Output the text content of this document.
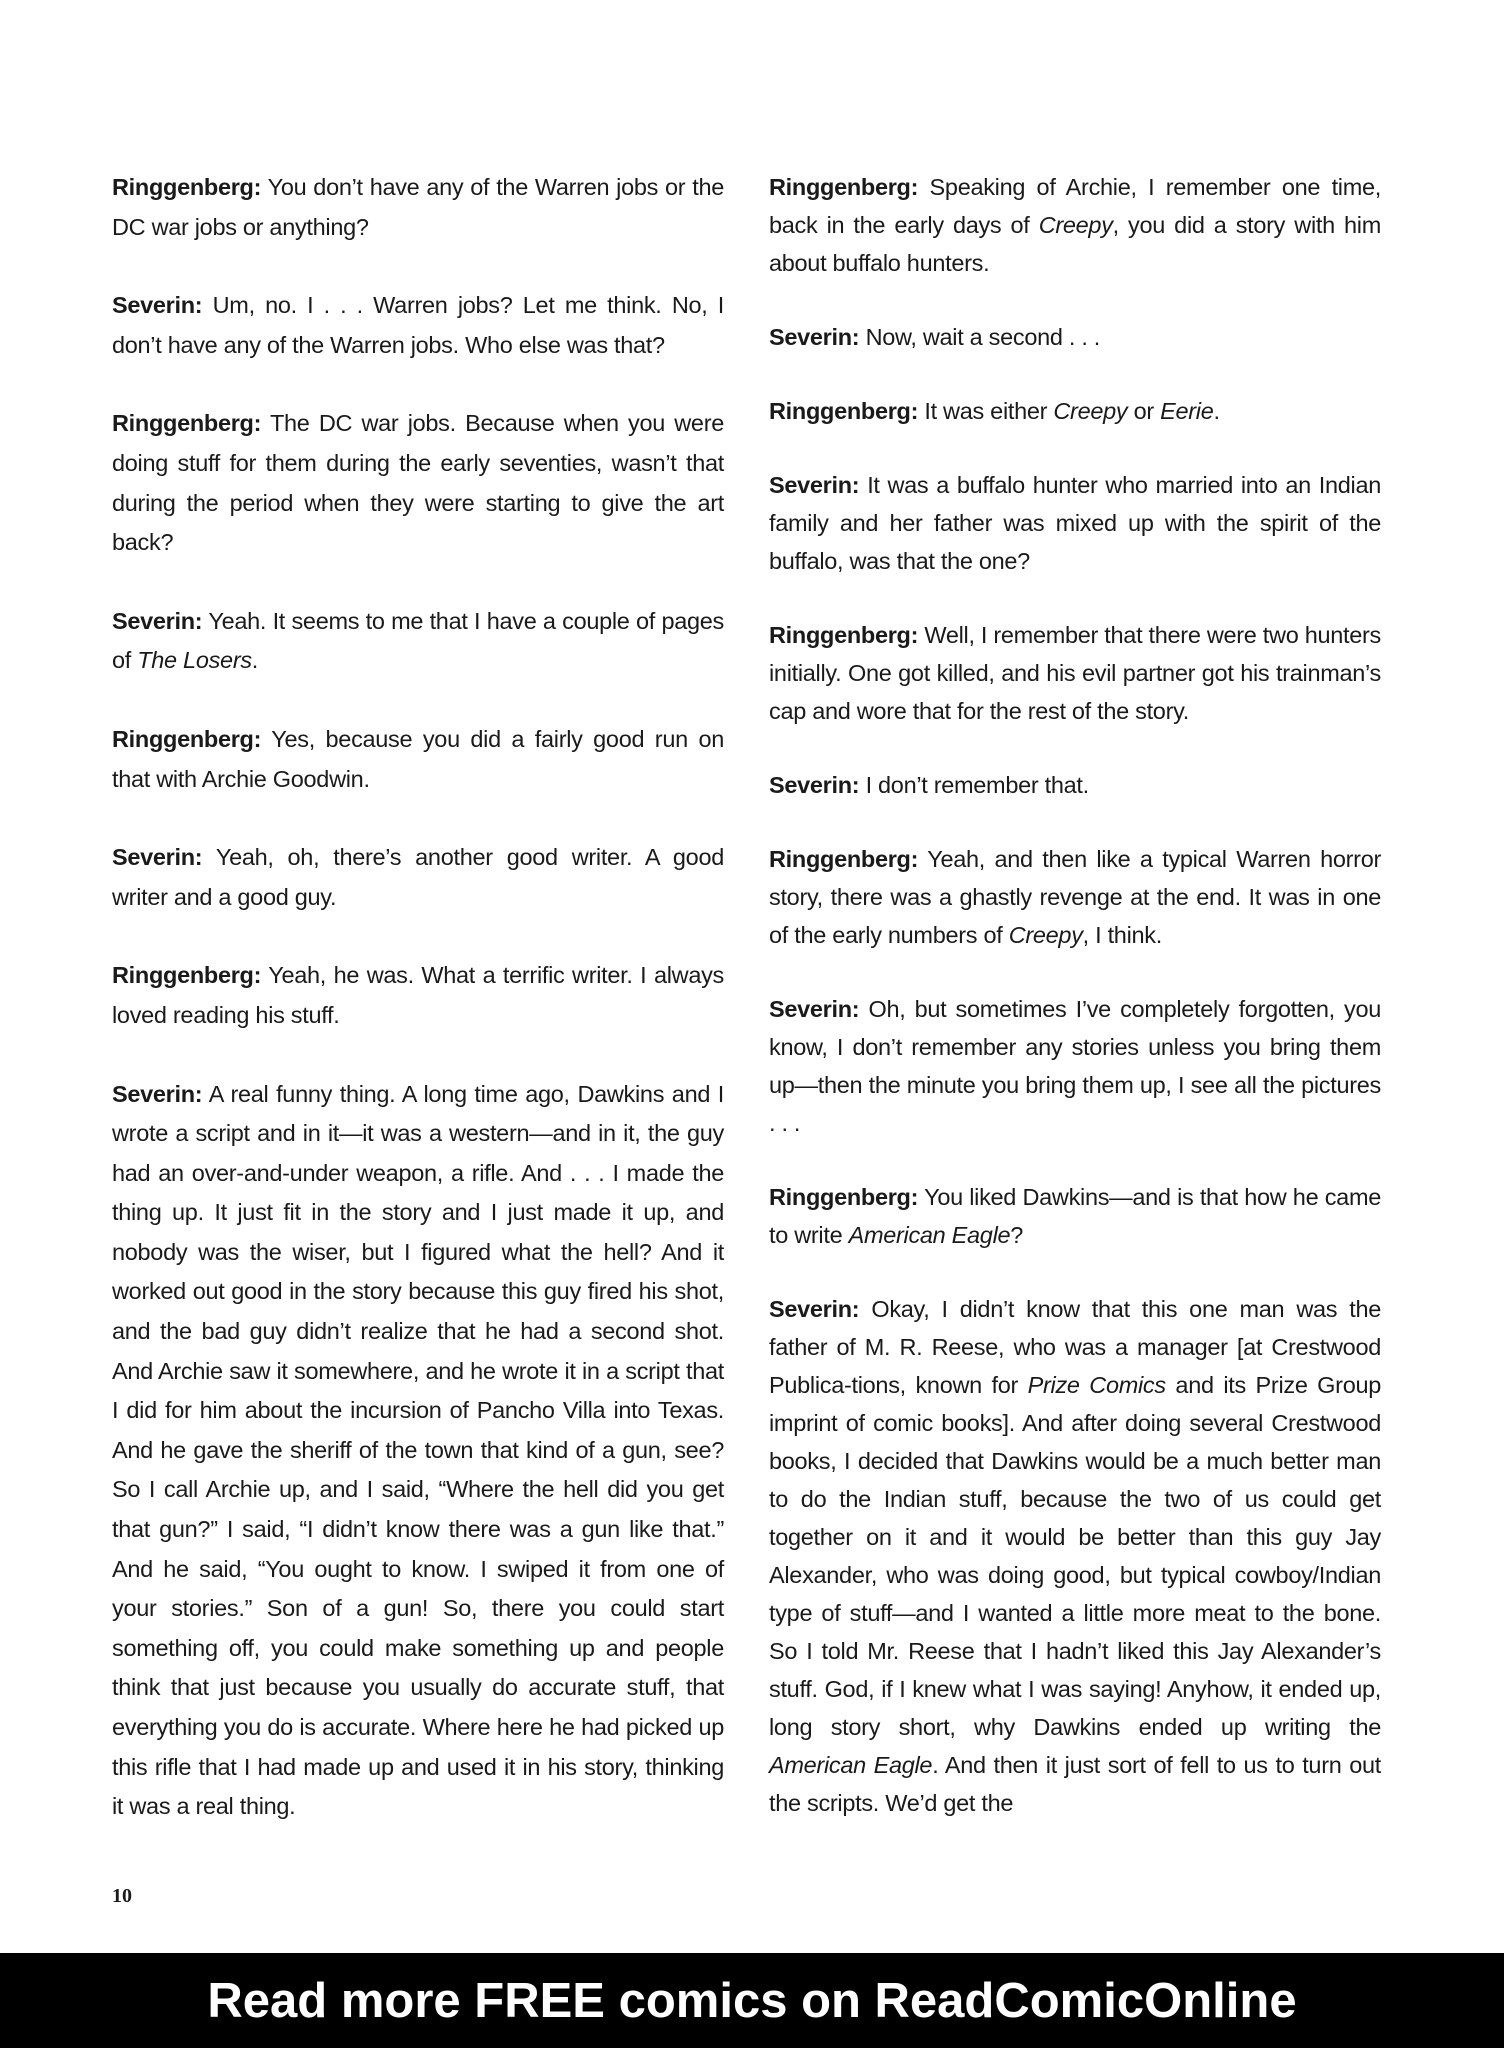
Ringgenberg: You don’t have any of the Warren jobs or the DC war jobs or anything?

Severin: Um, no. I . . . Warren jobs? Let me think. No, I don’t have any of the Warren jobs. Who else was that?

Ringgenberg: The DC war jobs. Because when you were doing stuff for them during the early seventies, wasn’t that during the period when they were starting to give the art back?

Severin: Yeah. It seems to me that I have a couple of pages of The Losers.

Ringgenberg: Yes, because you did a fairly good run on that with Archie Goodwin.

Severin: Yeah, oh, there’s another good writer. A good writer and a good guy.

Ringgenberg: Yeah, he was. What a terrific writer. I always loved reading his stuff.

Severin: A real funny thing. A long time ago, Dawkins and I wrote a script and in it—it was a western—and in it, the guy had an over-and-under weapon, a rifle. And . . . I made the thing up. It just fit in the story and I just made it up, and nobody was the wiser, but I figured what the hell? And it worked out good in the story because this guy fired his shot, and the bad guy didn’t realize that he had a second shot. And Archie saw it somewhere, and he wrote it in a script that I did for him about the incursion of Pancho Villa into Texas. And he gave the sheriff of the town that kind of a gun, see? So I call Archie up, and I said, “Where the hell did you get that gun?” I said, “I didn’t know there was a gun like that.” And he said, “You ought to know. I swiped it from one of your stories.” Son of a gun! So, there you could start something off, you could make something up and people think that just because you usually do accurate stuff, that everything you do is accurate. Where here he had picked up this rifle that I had made up and used it in his story, thinking it was a real thing.

Ringgenberg: Speaking of Archie, I remember one time, back in the early days of Creepy, you did a story with him about buffalo hunters.

Severin: Now, wait a second . . .

Ringgenberg: It was either Creepy or Eerie.

Severin: It was a buffalo hunter who married into an Indian family and her father was mixed up with the spirit of the buffalo, was that the one?

Ringgenberg: Well, I remember that there were two hunters initially. One got killed, and his evil partner got his trainman’s cap and wore that for the rest of the story.

Severin: I don’t remember that.

Ringgenberg: Yeah, and then like a typical Warren horror story, there was a ghastly revenge at the end. It was in one of the early numbers of Creepy, I think.

Severin: Oh, but sometimes I’ve completely forgotten, you know, I don’t remember any stories unless you bring them up—then the minute you bring them up, I see all the pictures . . .

Ringgenberg: You liked Dawkins—and is that how he came to write American Eagle?

Severin: Okay, I didn’t know that this one man was the father of M. R. Reese, who was a manager [at Crestwood Publica-tions, known for Prize Comics and its Prize Group imprint of comic books]. And after doing several Crestwood books, I decided that Dawkins would be a much better man to do the Indian stuff, because the two of us could get together on it and it would be better than this guy Jay Alexander, who was doing good, but typical cowboy/Indian type of stuff—and I wanted a little more meat to the bone. So I told Mr. Reese that I hadn’t liked this Jay Alexander’s stuff. God, if I knew what I was saying! Anyhow, it ended up, long story short, why Dawkins ended up writing the American Eagle. And then it just sort of fell to us to turn out the scripts. We’d get the

10
Read more FREE comics on ReadComicOnline
